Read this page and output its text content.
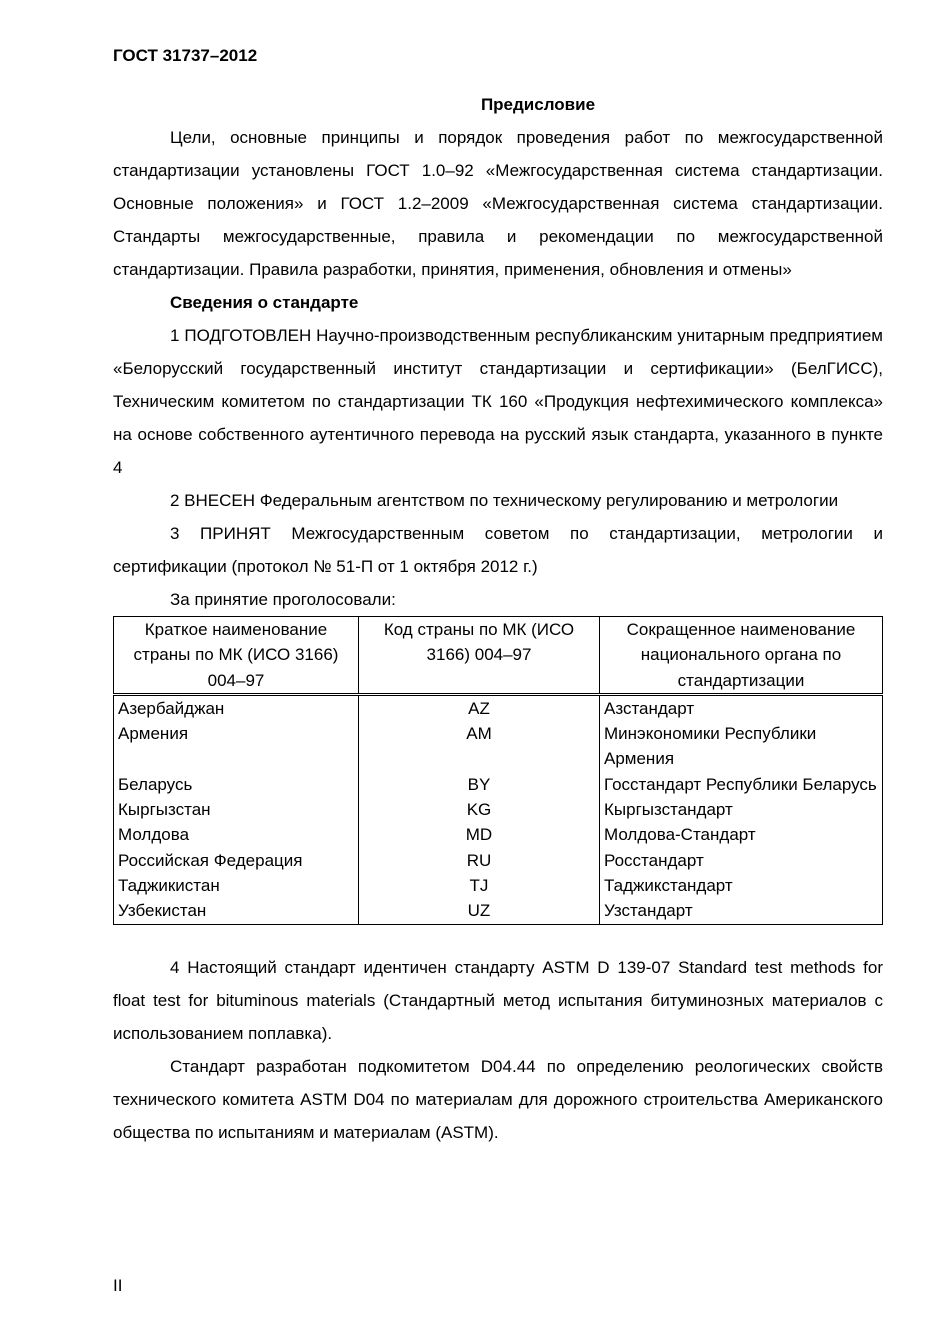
ГОСТ 31737–2012

Предисловие

Цели, основные принципы и порядок проведения работ по межгосударственной стандартизации установлены ГОСТ 1.0–92 «Межгосударственная система стандартизации. Основные положения» и ГОСТ 1.2–2009 «Межгосударственная система стандартизации. Стандарты межгосударственные, правила и рекомендации по межгосударственной стандартизации. Правила разработки, принятия, применения, обновления и отмены»

Сведения о стандарте

1 ПОДГОТОВЛЕН Научно-производственным республиканским унитарным предприятием «Белорусский государственный институт стандартизации и сертификации» (БелГИСС), Техническим комитетом по стандартизации ТК 160 «Продукция нефтехимического комплекса» на основе собственного аутентичного перевода на русский язык стандарта, указанного в пункте 4

2 ВНЕСЕН Федеральным агентством по техническому регулированию и метрологии

3 ПРИНЯТ Межгосударственным советом по стандартизации, метрологии и сертификации (протокол № 51-П от 1 октября 2012 г.)

За принятие проголосовали:

Краткое наименование страны по МК (ИСО 3166) 004–97	Код страны по МК (ИСО 3166) 004–97	Сокращенное наименование национального органа по стандартизации
Азербайджан	AZ	Азстандарт
Армения	AM	Минэкономики Республики Армения
Беларусь	BY	Госстандарт Республики Беларусь
Кыргызстан	KG	Кыргызстандарт
Молдова	MD	Молдова-Стандарт
Российская Федерация	RU	Росстандарт
Таджикистан	TJ	Таджикстандарт
Узбекистан	UZ	Узстандарт

4 Настоящий стандарт идентичен стандарту ASTM D 139-07 Standard test methods for float test for bituminous materials (Стандартный метод испытания битуминозных материалов с использованием поплавка).

Стандарт разработан подкомитетом D04.44 по определению реологических свойств технического комитета ASTM D04 по материалам для дорожного строительства Американского общества по испытаниям и материалам (ASTM).

II
